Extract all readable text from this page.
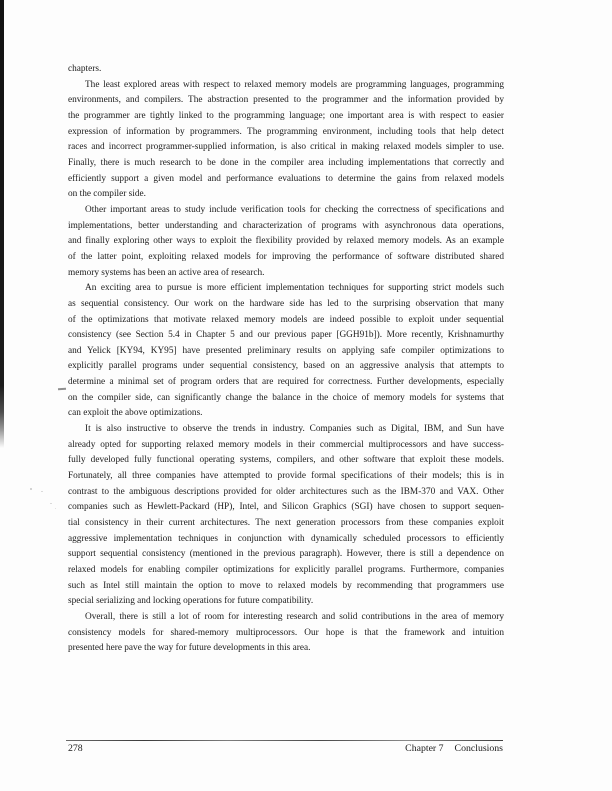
chapters.
The least explored areas with respect to relaxed memory models are programming languages, programming
environments, and compilers. The abstraction presented to the programmer and the information provided by
the programmer are tightly linked to the programming language; one important area is with respect to easier
expression of information by programmers. The programming environment, including tools that help detect
races and incorrect programmer-supplied information, is also critical in making relaxed models simpler to use.
Finally, there is much research to be done in the compiler area including implementations that correctly and
efficiently support a given model and performance evaluations to determine the gains from relaxed models
on the compiler side.
Other important areas to study include verification tools for checking the correctness of specifications and
implementations, better understanding and characterization of programs with asynchronous data operations,
and finally exploring other ways to exploit the flexibility provided by relaxed memory models. As an example
of the latter point, exploiting relaxed models for improving the performance of software distributed shared
memory systems has been an active area of research.
An exciting area to pursue is more efficient implementation techniques for supporting strict models such
as sequential consistency. Our work on the hardware side has led to the surprising observation that many
of the optimizations that motivate relaxed memory models are indeed possible to exploit under sequential
consistency (see Section 5.4 in Chapter 5 and our previous paper [GGH91b]). More recently, Krishnamurthy
and Yelick [KY94, KY95] have presented preliminary results on applying safe compiler optimizations to
explicitly parallel programs under sequential consistency, based on an aggressive analysis that attempts to
determine a minimal set of program orders that are required for correctness. Further developments, especially
on the compiler side, can significantly change the balance in the choice of memory models for systems that
can exploit the above optimizations.
It is also instructive to observe the trends in industry. Companies such as Digital, IBM, and Sun have
already opted for supporting relaxed memory models in their commercial multiprocessors and have success-
fully developed fully functional operating systems, compilers, and other software that exploit these models.
Fortunately, all three companies have attempted to provide formal specifications of their models; this is in
contrast to the ambiguous descriptions provided for older architectures such as the IBM-370 and VAX. Other
companies such as Hewlett-Packard (HP), Intel, and Silicon Graphics (SGI) have chosen to support sequen-
tial consistency in their current architectures. The next generation processors from these companies exploit
aggressive implementation techniques in conjunction with dynamically scheduled processors to efficiently
support sequential consistency (mentioned in the previous paragraph). However, there is still a dependence on
relaxed models for enabling compiler optimizations for explicitly parallel programs. Furthermore, companies
such as Intel still maintain the option to move to relaxed models by recommending that programmers use
special serializing and locking operations for future compatibility.
Overall, there is still a lot of room for interesting research and solid contributions in the area of memory
consistency models for shared-memory multiprocessors. Our hope is that the framework and intuition
presented here pave the way for future developments in this area.
278	Chapter 7 Conclusions
